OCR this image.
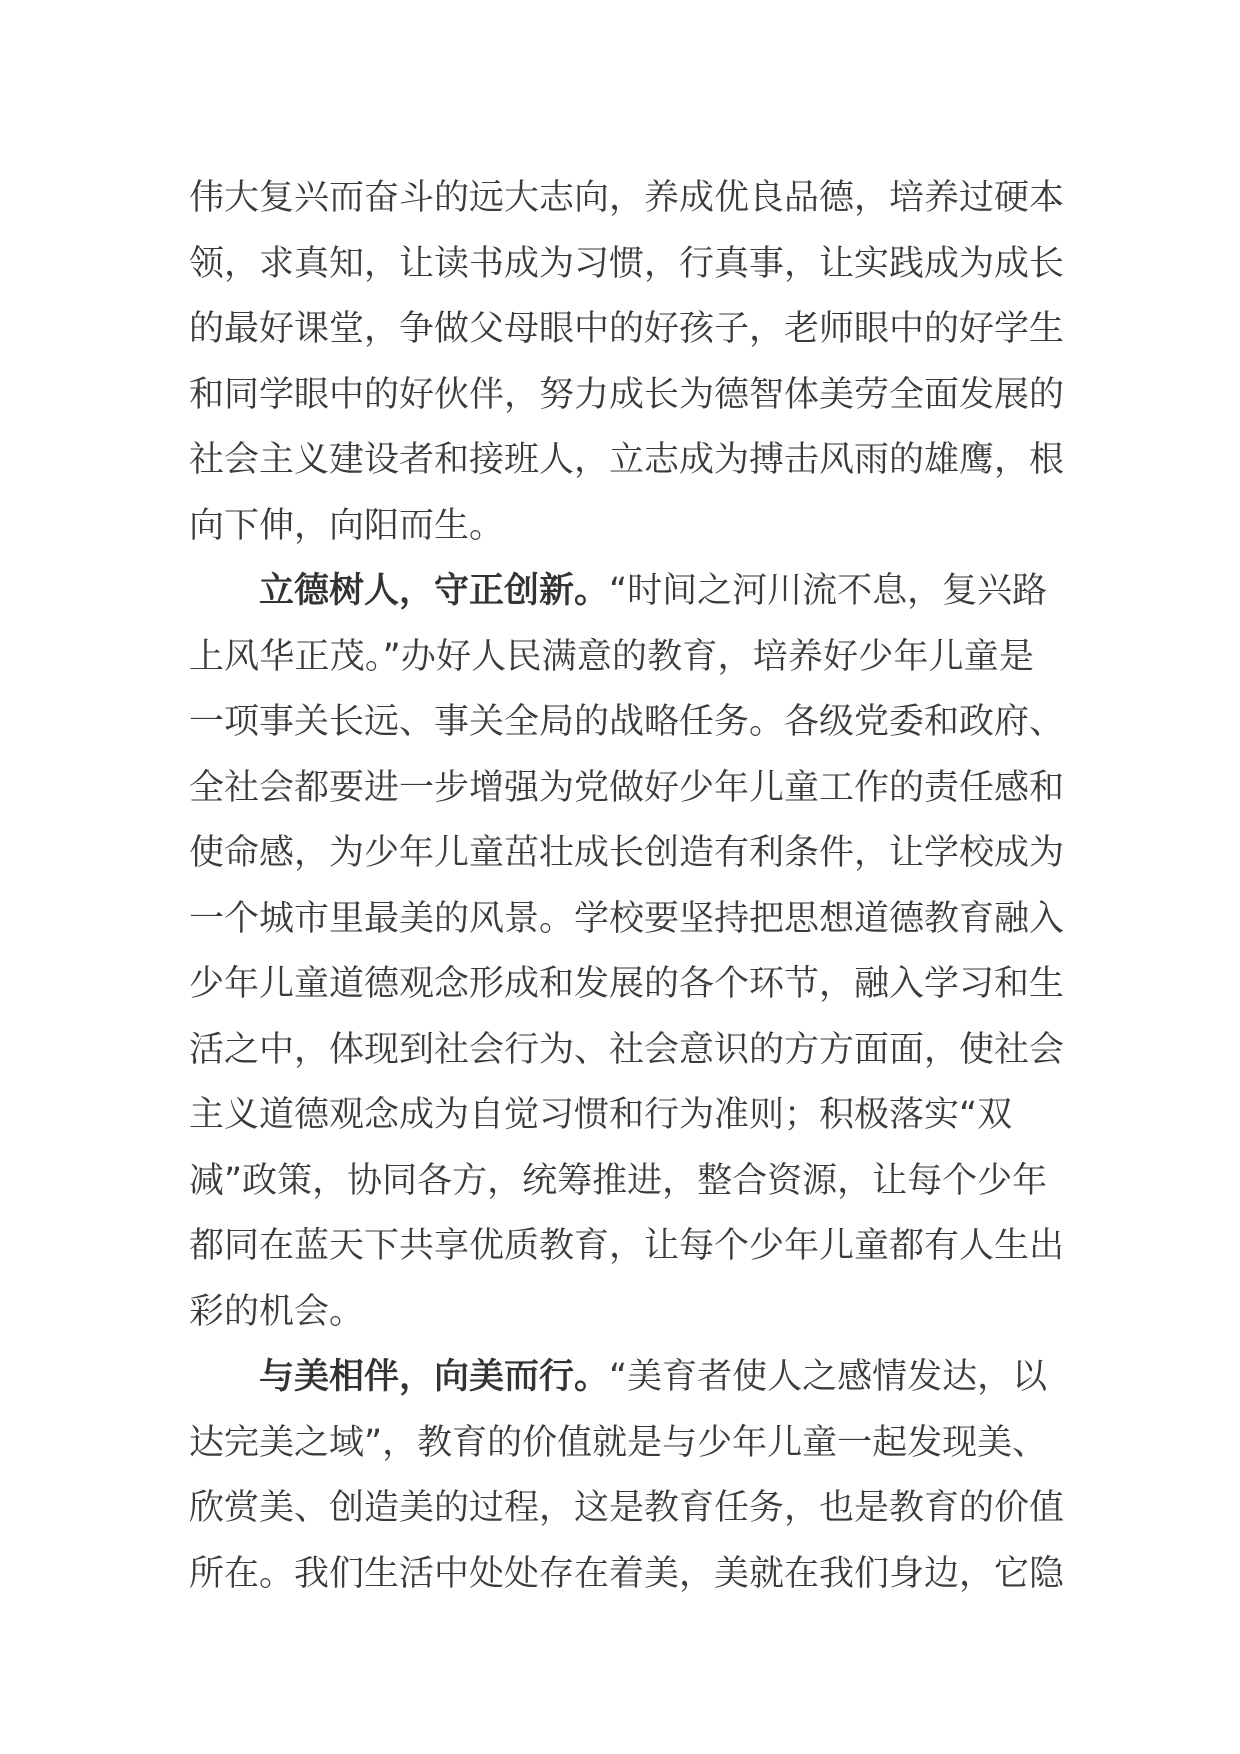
伟大复兴而奋斗的远大志向，养成优良品德，培养过硬本
领，求真知，让读书成为习惯，行真事，让实践成为成长
的最好课堂，争做父母眼中的好孩子，老师眼中的好学生
和同学眼中的好伙伴，努力成长为德智体美劳全面发展的
社会主义建设者和接班人，立志成为搏击风雨的雄鹰，根
向下伸，向阳而生。
立德树人，守正创新。“时间之河川流不息，复兴路
上风华正茂。”办好人民满意的教育，培养好少年儿童是
一项事关长远、事关全局的战略任务。各级党委和政府、
全社会都要进一步增强为党做好少年儿童工作的责任感和
使命感，为少年儿童茁壮成长创造有利条件，让学校成为
一个城市里最美的风景。学校要坚持把思想道德教育融入
少年儿童道德观念形成和发展的各个环节，融入学习和生
活之中，体现到社会行为、社会意识的方方面面，使社会
主义道德观念成为自觉习惯和行为准则；积极落实“双
减”政策，协同各方，统筹推进，整合资源，让每个少年
都同在蓝天下共享优质教育，让每个少年儿童都有人生出
彩的机会。
与美相伴，向美而行。“美育者使人之感情发达，以
达完美之域”，教育的价值就是与少年儿童一起发现美、
欣赏美、创造美的过程，这是教育任务，也是教育的价值
所在。我们生活中处处存在着美，美就在我们身边，它隐
